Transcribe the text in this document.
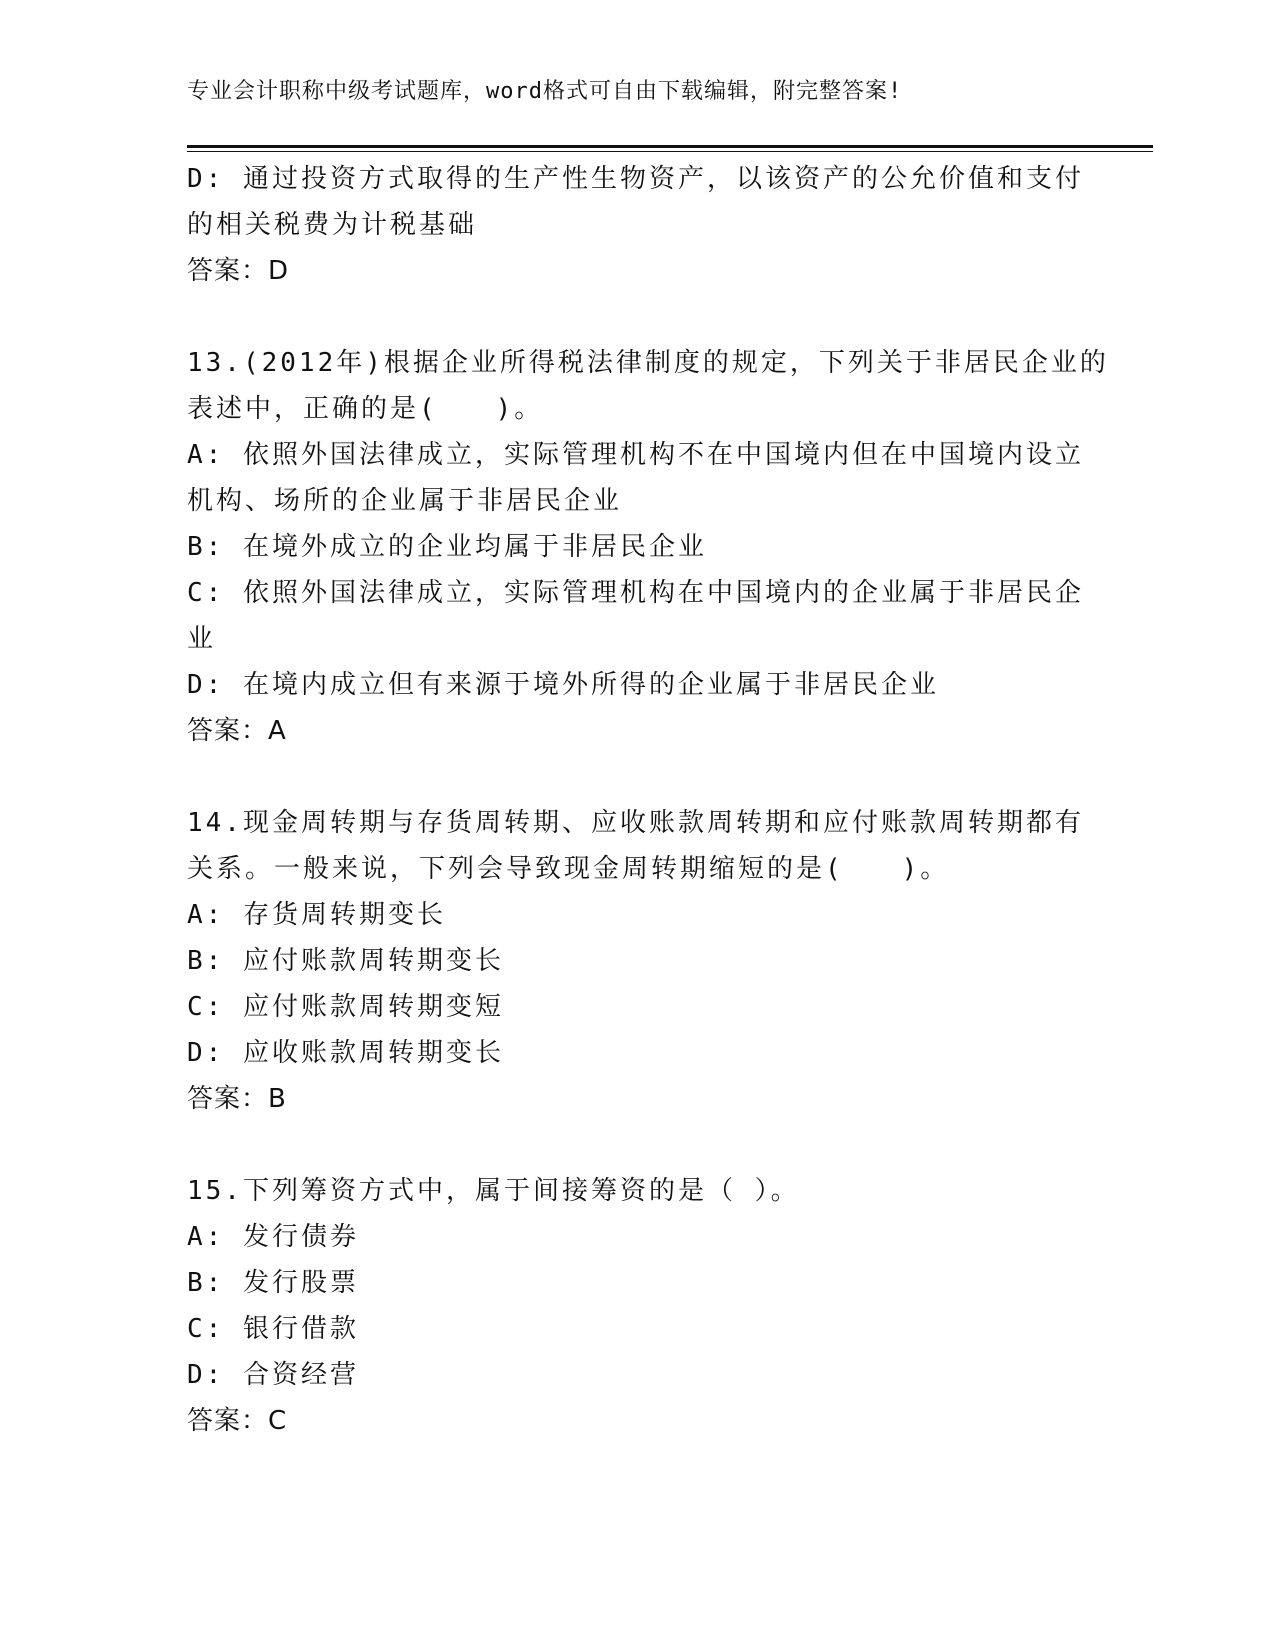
专业会计职称中级考试题库，word格式可自由下载编辑，附完整答案!
D: 通过投资方式取得的生产性生物资产，以该资产的公允价值和支付
的相关税费为计税基础
答案：D
13.(2012年)根据企业所得税法律制度的规定，下列关于非居民企业的
表述中，正确的是(　　)。
A: 依照外国法律成立，实际管理机构不在中国境内但在中国境内设立
机构、场所的企业属于非居民企业
B: 在境外成立的企业均属于非居民企业
C: 依照外国法律成立，实际管理机构在中国境内的企业属于非居民企
业
D: 在境内成立但有来源于境外所得的企业属于非居民企业
答案：A
14.现金周转期与存货周转期、应收账款周转期和应付账款周转期都有
关系。一般来说，下列会导致现金周转期缩短的是(　　)。
A: 存货周转期变长
B: 应付账款周转期变长
C: 应付账款周转期变短
D: 应收账款周转期变长
答案：B
15.下列筹资方式中，属于间接筹资的是（ ）。
A: 发行债券
B: 发行股票
C: 银行借款
D: 合资经营
答案：C
